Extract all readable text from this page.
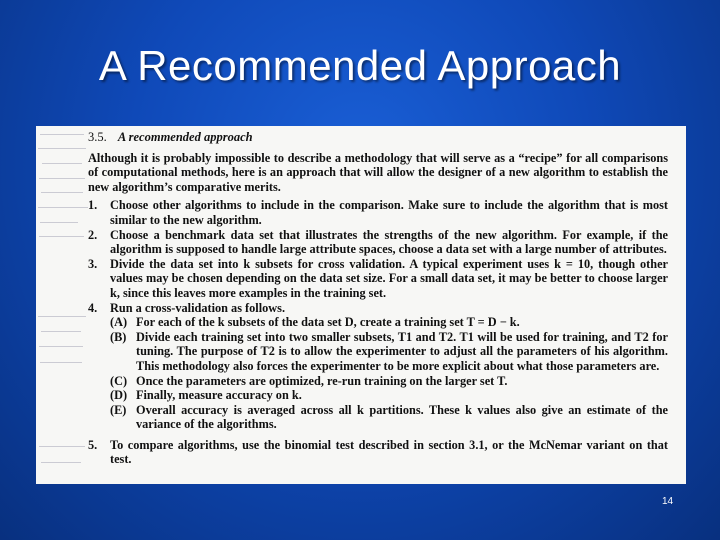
A Recommended Approach
3.5. A recommended approach
Although it is probably impossible to describe a methodology that will serve as a “recipe” for all comparisons of computational methods, here is an approach that will allow the designer of a new algorithm to establish the new algorithm’s comparative merits.
1.	Choose other algorithms to include in the comparison. Make sure to include the algorithm that is most similar to the new algorithm.
2.	Choose a benchmark data set that illustrates the strengths of the new algorithm. For example, if the algorithm is supposed to handle large attribute spaces, choose a data set with a large number of attributes.
3.	Divide the data set into k subsets for cross validation. A typical experiment uses k = 10, though other values may be chosen depending on the data set size. For a small data set, it may be better to choose larger k, since this leaves more examples in the training set.
4.	Run a cross-validation as follows.
(A) For each of the k subsets of the data set D, create a training set T = D − k.
(B) Divide each training set into two smaller subsets, T1 and T2. T1 will be used for training, and T2 for tuning. The purpose of T2 is to allow the experimenter to adjust all the parameters of his algorithm. This methodology also forces the experimenter to be more explicit about what those parameters are.
(C) Once the parameters are optimized, re-run training on the larger set T.
(D) Finally, measure accuracy on k.
(E) Overall accuracy is averaged across all k partitions. These k values also give an estimate of the variance of the algorithms.
5.	To compare algorithms, use the binomial test described in section 3.1, or the McNemar variant on that test.
14
